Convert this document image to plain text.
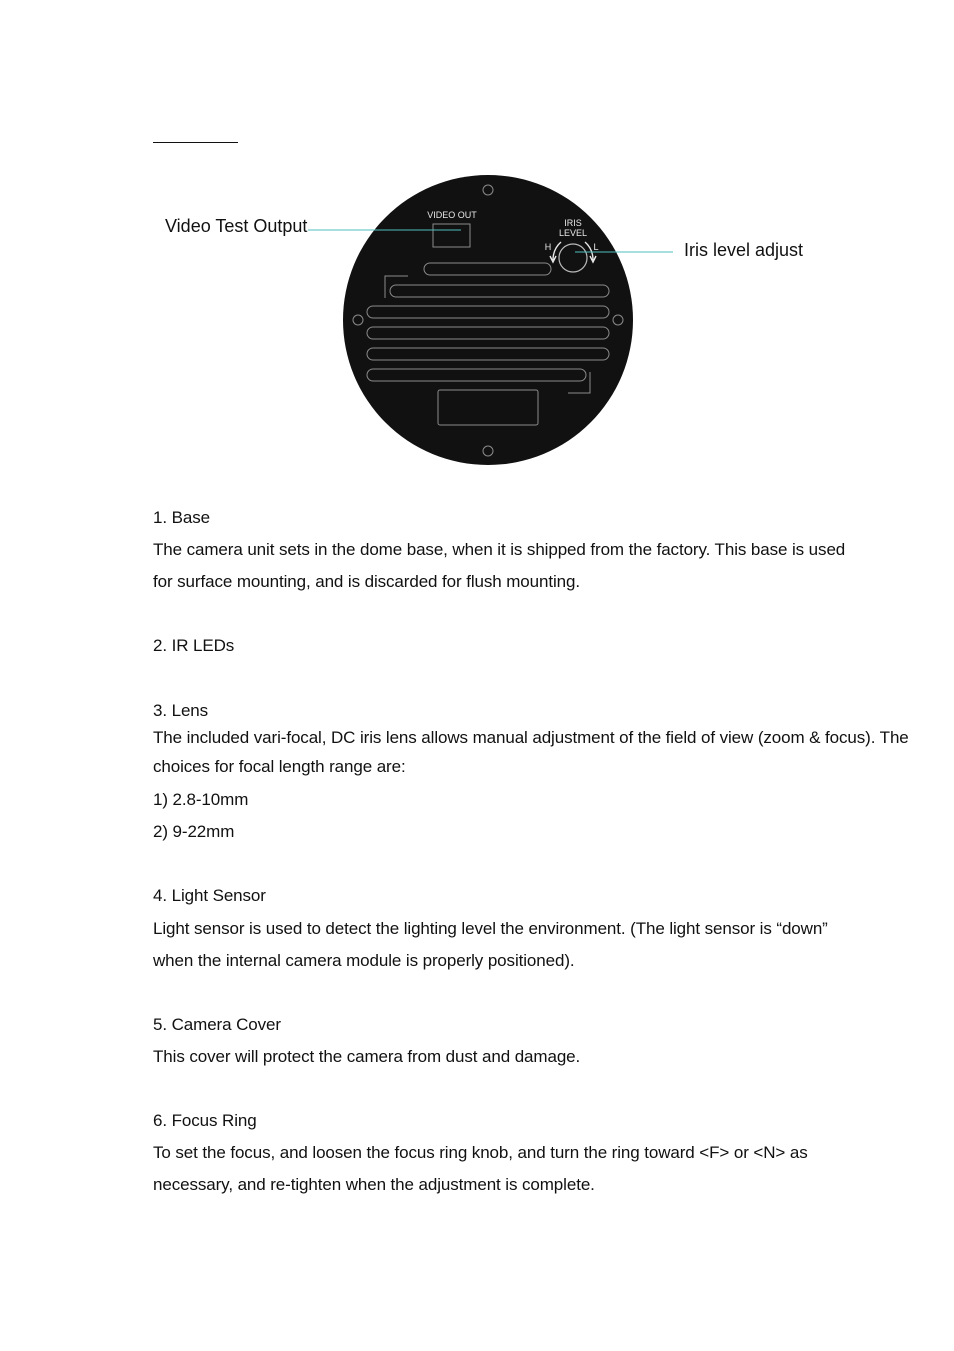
VIDEO OUT
IRIS
LEVEL
H	L
Video Test Output
Iris level adjust
1. Base
The camera unit sets in the dome base, when it is shipped from the factory. This base is used
for surface mounting, and is discarded for flush mounting.
2. IR LEDs
3. Lens
The included vari-focal, DC iris lens allows manual adjustment of the field of view (zoom & focus). The
choices for focal length range are:
1) 2.8-10mm
2) 9-22mm
4. Light Sensor
Light sensor is used to detect the lighting level the environment. (The light sensor is “down”
when the internal camera module is properly positioned).
5. Camera Cover
This cover will protect the camera from dust and damage.
6. Focus Ring
To set the focus, and loosen the focus ring knob, and turn the ring toward <F> or <N> as
necessary, and re-tighten when the adjustment is complete.
